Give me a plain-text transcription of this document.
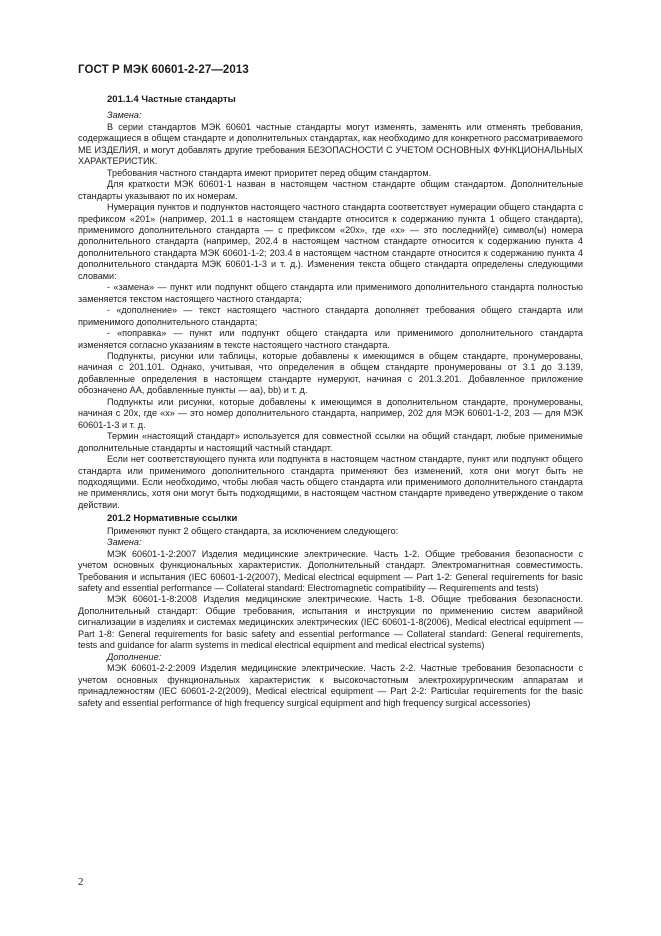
ГОСТ Р МЭК 60601-2-27—2013

201.1.4 Частные стандарты

Замена:

В серии стандартов МЭК 60601 частные стандарты могут изменять, заменять или отменять требования, содержащиеся в общем стандарте и дополнительных стандартах, как необходимо для конкретного рассматриваемого МЕ ИЗДЕЛИЯ, и могут добавлять другие требования БЕЗОПАСНОСТИ С УЧЕТОМ ОСНОВНЫХ ФУНКЦИОНАЛЬНЫХ ХАРАКТЕРИСТИК.

Требования частного стандарта имеют приоритет перед общим стандартом.

Для краткости МЭК 60601-1 назван в настоящем частном стандарте общим стандартом. Дополнительные стандарты указывают по их номерам.

Нумерация пунктов и подпунктов настоящего частного стандарта соответствует нумерации общего стандарта с префиксом «201» (например, 201.1 в настоящем стандарте относится к содержанию пункта 1 общего стандарта), применимого дополнительного стандарта — с префиксом «20x», где «x» — это последний(е) символ(ы) номера дополнительного стандарта (например, 202.4 в настоящем частном стандарте относится к содержанию пункта 4 дополнительного стандарта МЭК 60601-1-2; 203.4 в настоящем частном стандарте относится к содержанию пункта 4 дополнительного стандарта МЭК 60601-1-3 и т. д.). Изменения текста общего стандарта определены следующими словами:

- «замена» — пункт или подпункт общего стандарта или применимого дополнительного стандарта полностью заменяется текстом настоящего частного стандарта;

- «дополнение» — текст настоящего частного стандарта дополняет требования общего стандарта или применимого дополнительного стандарта;

- «поправка» — пункт или подпункт общего стандарта или применимого дополнительного стандарта изменяется согласно указаниям в тексте настоящего частного стандарта.

Подпункты, рисунки или таблицы, которые добавлены к имеющимся в общем стандарте, пронумерованы, начиная с 201.101. Однако, учитывая, что определения в общем стандарте пронумерованы от 3.1 до 3.139, добавленные определения в настоящем стандарте нумеруют, начиная с 201.3.201. Добавленное приложение обозначено АА, добавленные пункты — аа), bb) и т. д.

Подпункты или рисунки, которые добавлены к имеющимся в дополнительном стандарте, пронумерованы, начиная с 20x, где «x» — это номер дополнительного стандарта, например, 202 для МЭК 60601-1-2, 203 — для МЭК 60601-1-3 и т. д.

Термин «настоящий стандарт» используется для совместной ссылки на общий стандарт, любые применимые дополнительные стандарты и настоящий частный стандарт.

Если нет соответствующего пункта или подпункта в настоящем частном стандарте, пункт или подпункт общего стандарта или применимого дополнительного стандарта применяют без изменений, хотя они могут быть не подходящими. Если необходимо, чтобы любая часть общего стандарта или применимого дополнительного стандарта не применялись, хотя они могут быть подходящими, в настоящем частном стандарте приведено утверждение о таком действии.

201.2 Нормативные ссылки

Применяют пункт 2 общего стандарта, за исключением следующего:

Замена:

МЭК 60601-1-2:2007 Изделия медицинские электрические. Часть 1-2. Общие требования безопасности с учетом основных функциональных характеристик. Дополнительный стандарт. Электромагнитная совместимость. Требования и испытания (IEC 60601-1-2(2007), Medical electrical equipment — Part 1-2: General requirements for basic safety and essential performance — Collateral standard: Electromagnetic compatibility — Requirements and tests)

МЭК 60601-1-8:2008 Изделия медицинские электрические. Часть 1-8. Общие требования безопасности. Дополнительный стандарт: Общие требования, испытания и инструкции по применению систем аварийной сигнализации в изделиях и системах медицинских электрических (IEC 60601-1-8(2006), Medical electrical equipment — Part 1-8: General requirements for basic safety and essential performance — Collateral standard: General requirements, tests and guidance for alarm systems in medical electrical equipment and medical electrical systems)

Дополнение:

МЭК 60601-2-2:2009 Изделия медицинские электрические. Часть 2-2. Частные требования безопасности с учетом основных функциональных характеристик к высокочастотным электрохирургическим аппаратам и принадлежностям (IEC 60601-2-2(2009), Medical electrical equipment — Part 2-2: Particular requirements for the basic safety and essential performance of high frequency surgical equipment and high frequency surgical accessories)

2
